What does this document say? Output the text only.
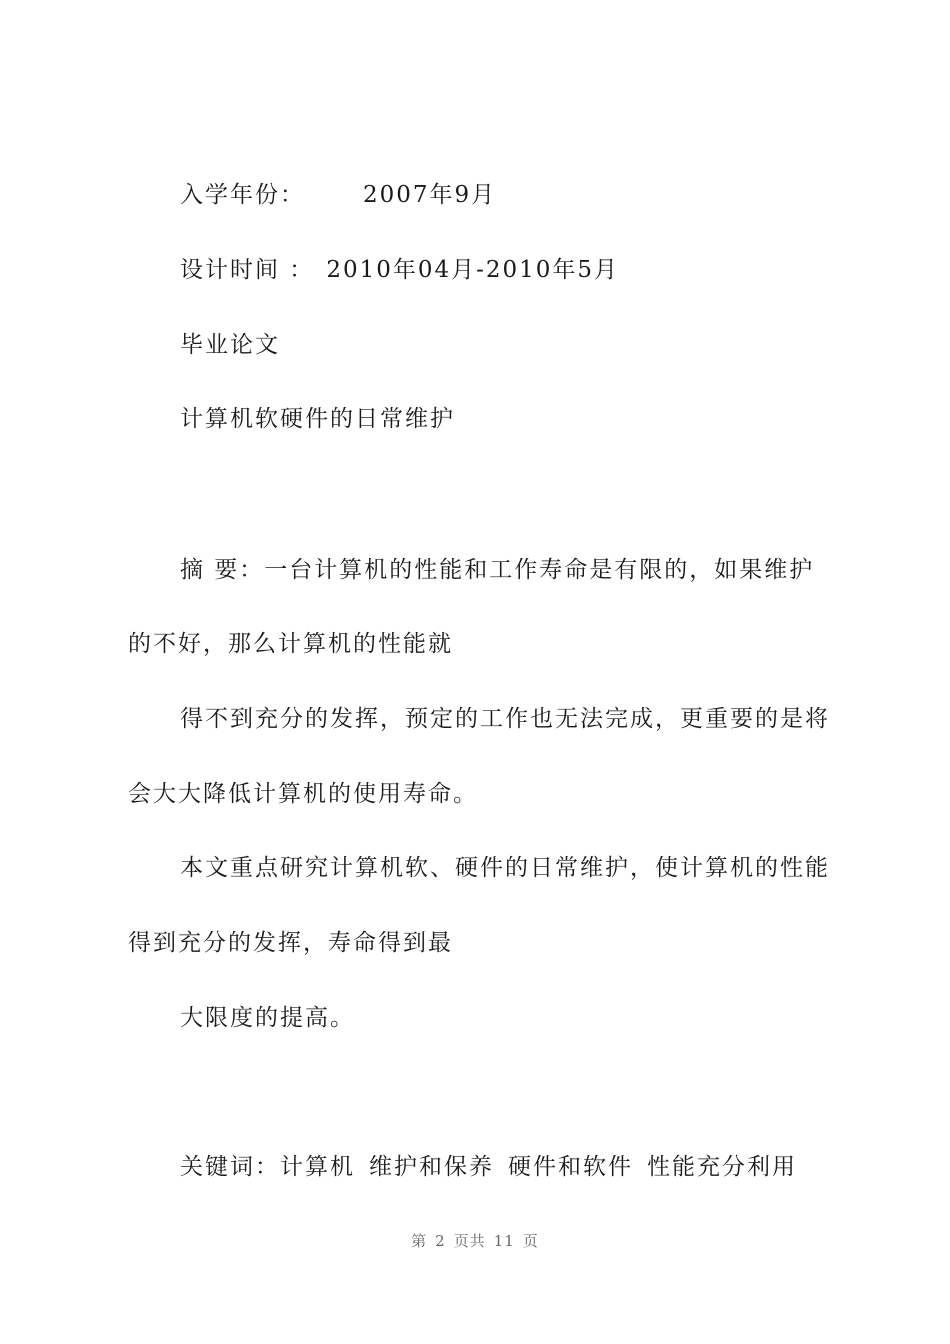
入学年份：	2007年9月
设计时间 ： 2010年04月-2010年5月
毕业论文
计算机软硬件的日常维护
摘 要：一台计算机的性能和工作寿命是有限的，如果维护
的不好，那么计算机的性能就
得不到充分的发挥，预定的工作也无法完成，更重要的是将
会大大降低计算机的使用寿命。
本文重点研究计算机软、硬件的日常维护，使计算机的性能
得到充分的发挥，寿命得到最
大限度的提高。
关键词：计算机 维护和保养 硬件和软件 性能充分利用
第 2 页共 11 页
